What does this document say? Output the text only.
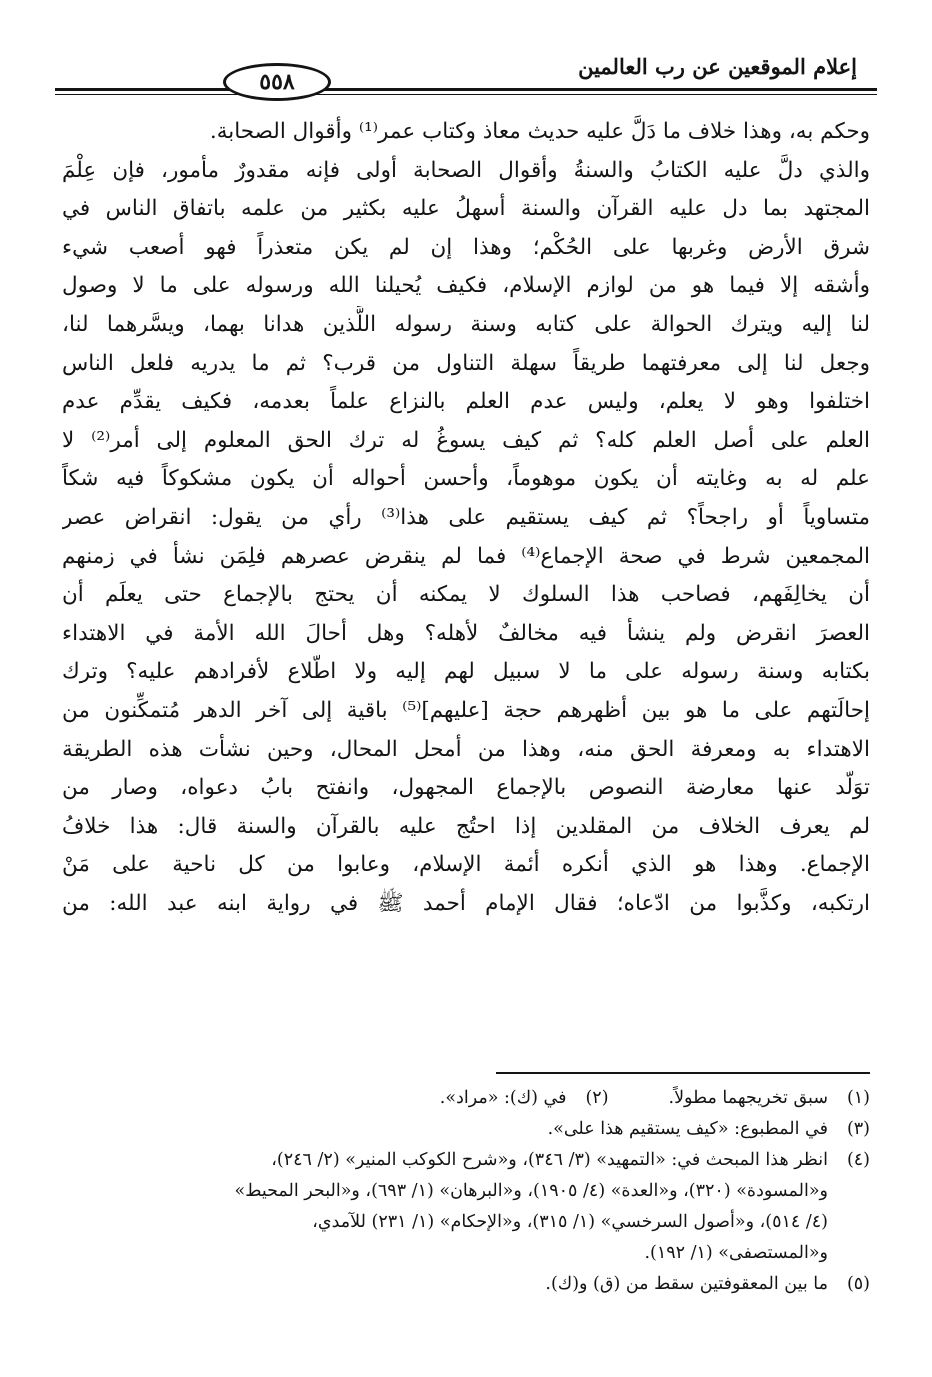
٥٥٨
إعلام الموقعين عن رب العالمين
وحكم به، وهذا خلاف ما دَلَّ عليه حديث معاذ وكتاب عمر⁽¹⁾ وأقوال الصحابة.
والذي دلَّ عليه الكتابُ والسنةُ وأقوال الصحابة أولى فإنه مقدورٌ مأمور، فإن عِلْمَ
المجتهد بما دل عليه القرآن والسنة أسهلُ عليه بكثير من علمه باتفاق الناس في
شرق الأرض وغربها على الحُكْم؛ وهذا إن لم يكن متعذراً فهو أصعب شيء
وأشقه إلا فيما هو من لوازم الإسلام، فكيف يُحيلنا الله ورسوله على ما لا وصول
لنا إليه ويترك الحوالة على كتابه وسنة رسوله اللَّذين هدانا بهما، ويسَّرهما لنا،
وجعل لنا إلى معرفتهما طريقاً سهلة التناول من قرب؟ ثم ما يدريه فلعل الناس
اختلفوا وهو لا يعلم، وليس عدم العلم بالنزاع علماً بعدمه، فكيف يقدِّم عدم
العلم على أصل العلم كله؟ ثم كيف يسوغُ له ترك الحق المعلوم إلى أمر⁽²⁾ لا
علم له به وغايته أن يكون موهوماً، وأحسن أحواله أن يكون مشكوكاً فيه شكاً
متساوياً أو راجحاً؟ ثم كيف يستقيم على هذا⁽³⁾ رأي من يقول: انقراض عصر
المجمعين شرط في صحة الإجماع⁽⁴⁾ فما لم ينقرض عصرهم فلِمَن نشأ في زمنهم
أن يخالِفَهم، فصاحب هذا السلوك لا يمكنه أن يحتج بالإجماع حتى يعلَم أن
العصرَ انقرض ولم ينشأ فيه مخالفٌ لأهله؟ وهل أحالَ الله الأمة في الاهتداء
بكتابه وسنة رسوله على ما لا سبيل لهم إليه ولا اطّلاع لأفرادهم عليه؟ وترك
إحالَتهم على ما هو بين أظهرهم حجة [عليهم]⁽⁵⁾ باقية إلى آخر الدهر مُتمكِّنون من
الاهتداء به ومعرفة الحق منه، وهذا من أمحل المحال، وحين نشأت هذه الطريقة
توَلّد عنها معارضة النصوص بالإجماع المجهول، وانفتح بابُ دعواه، وصار من
لم يعرف الخلاف من المقلدين إذا احتُج عليه بالقرآن والسنة قال: هذا خلافُ
الإجماع. وهذا هو الذي أنكره أئمة الإسلام، وعابوا من كل ناحية على مَنْ
ارتكبه، وكذَّبوا من ادّعاه؛ فقال الإمام أحمد ﷺ في رواية ابنه عبد الله: من
(١)سبق تخريجهما مطولاً.(٢)في (ك): «مراد».
(٣)في المطبوع: «كيف يستقيم هذا على».
(٤)انظر هذا المبحث في: «التمهيد» (٣/ ٣٤٦)، و«شرح الكوكب المنير» (٢/ ٢٤٦)،
و«المسودة» (٣٢٠)، و«العدة» (٤/ ١٩٠٥)، و«البرهان» (١/ ٦٩٣)، و«البحر المحيط»
(٤/ ٥١٤)، و«أصول السرخسي» (١/ ٣١٥)، و«الإحكام» (١/ ٢٣١) للآمدي،
و«المستصفى» (١/ ١٩٢).
(٥)ما بين المعقوفتين سقط من (ق) و(ك).
